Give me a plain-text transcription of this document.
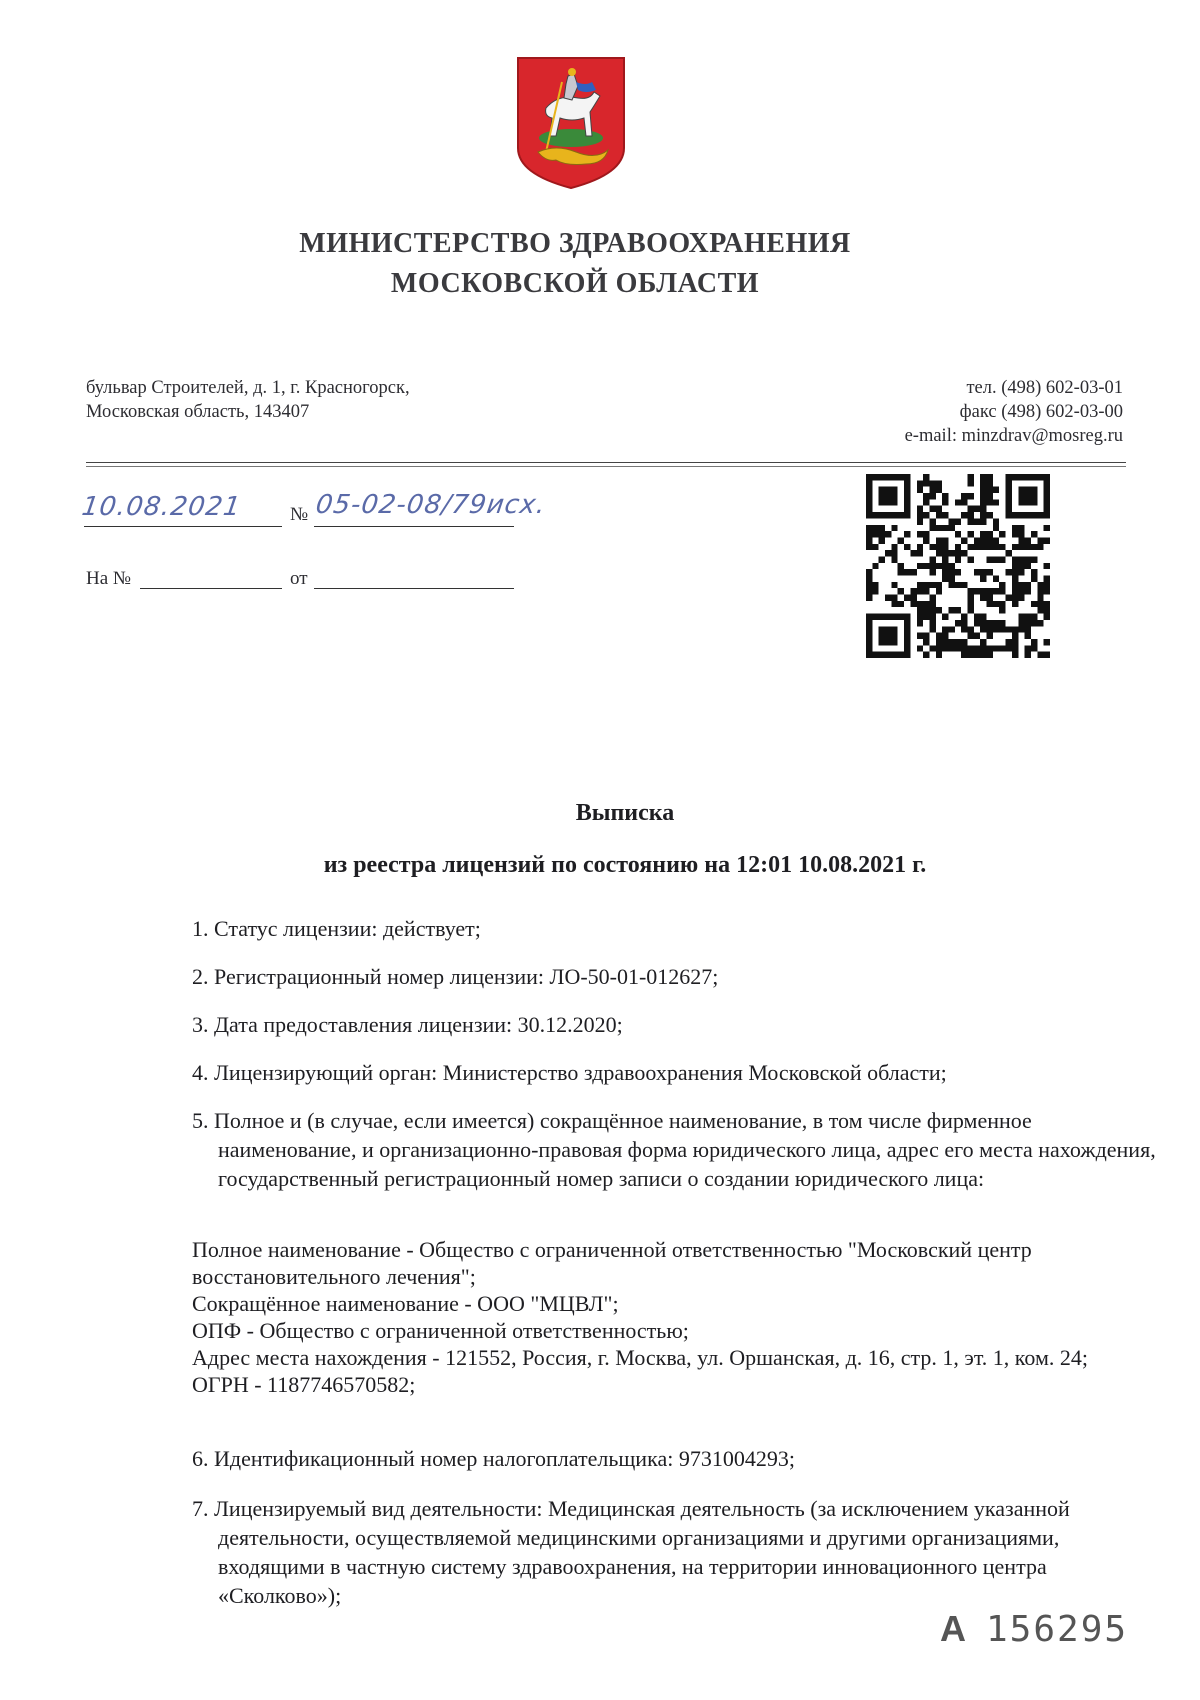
МИНИСТЕРСТВО ЗДРАВООХРАНЕНИЯ
МОСКОВСКОЙ ОБЛАСТИ
бульвар Строителей, д. 1, г. Красногорск,
Московская область, 143407
тел. (498) 602-03-01
факс (498) 602-03-00
e-mail: minzdrav@mosreg.ru
10.08.2021 № 05-02-08/79исх.
На №	от
Выписка
из реестра лицензий по состоянию на 12:01 10.08.2021 г.
1. Статус лицензии: действует;
2. Регистрационный номер лицензии: ЛО-50-01-012627;
3. Дата предоставления лицензии: 30.12.2020;
4. Лицензирующий орган: Министерство здравоохранения Московской области;
5. Полное и (в случае, если имеется) сокращённое наименование, в том числе фирменное наименование, и организационно-правовая форма юридического лица, адрес его места нахождения, государственный регистрационный номер записи о создании юридического лица:
Полное наименование - Общество с ограниченной ответственностью "Московский центр восстановительного лечения";
Сокращённое наименование - ООО "МЦВЛ";
ОПФ - Общество с ограниченной ответственностью;
Адрес места нахождения - 121552, Россия, г. Москва, ул. Оршанская, д. 16, стр. 1, эт. 1, ком. 24;
ОГРН - 1187746570582;
6. Идентификационный номер налогоплательщика: 9731004293;
7. Лицензируемый вид деятельности: Медицинская деятельность (за исключением указанной деятельности, осуществляемой медицинскими организациями и другими организациями, входящими в частную систему здравоохранения, на территории инновационного центра «Сколково»);
А 156295
